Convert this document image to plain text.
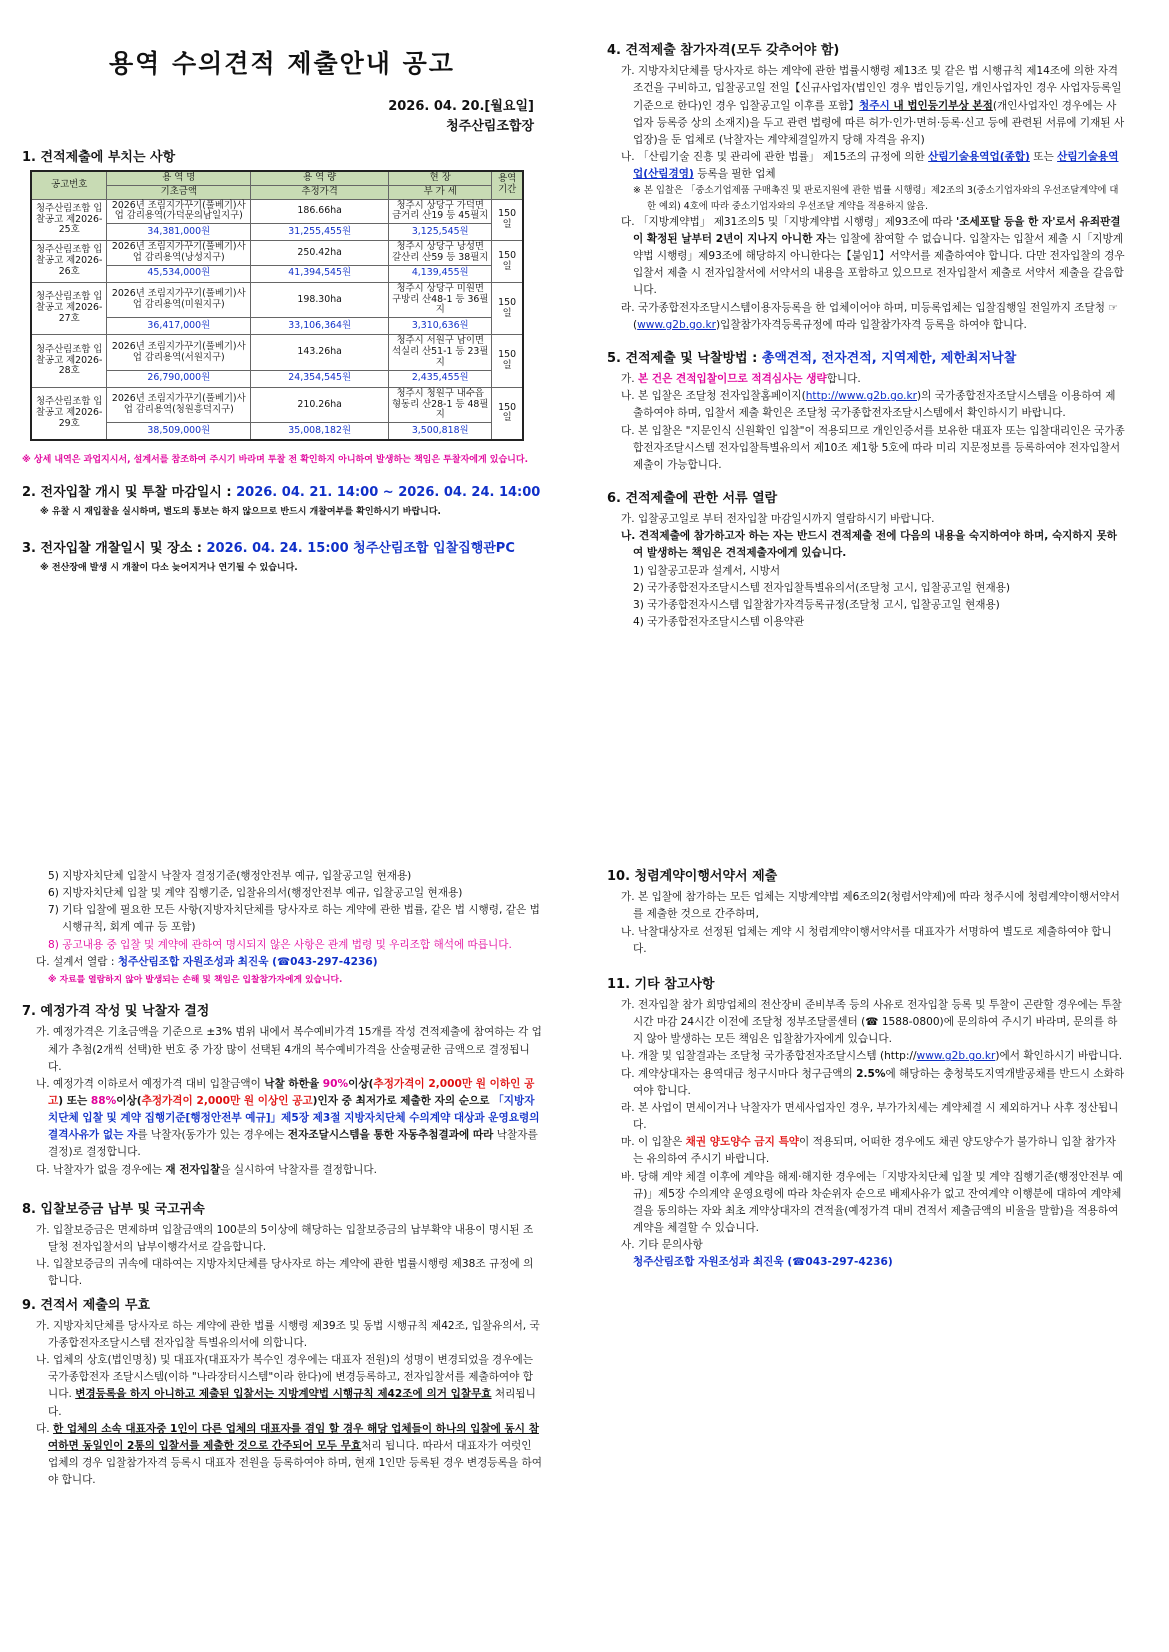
용역 수의견적 제출안내 공고
2026. 04. 20.[월요일]
청주산림조합장
1. 견적제출에 부치는 사항
공고번호	용 역 명	용 역 량	현 장	용역기간
	기초금액	추정가격	부 가 세	
청주산림조합 입찰공고 제2026-25호	2026년 조림지가꾸기(풀베기)사업 감리용역(가덕문의남일지구)	186.66ha	청주시 상당구 가덕면 금거리 산19 등 45필지	150일
	34,381,000원	31,255,455원	3,125,545원	
청주산림조합 입찰공고 제2026-26호	2026년 조림지가꾸기(풀베기)사업 감리용역(낭성지구)	250.42ha	청주시 상당구 낭성면 갈산리 산59 등 38필지	150일
	45,534,000원	41,394,545원	4,139,455원	
청주산림조합 입찰공고 제2026-27호	2026년 조림지가꾸기(풀베기)사업 감리용역(미원지구)	198.30ha	청주시 상당구 미원면 구방리 산48-1 등 36필지	150일
	36,417,000원	33,106,364원	3,310,636원	
청주산림조합 입찰공고 제2026-28호	2026년 조림지가꾸기(풀베기)사업 감리용역(서원지구)	143.26ha	청주시 서원구 남이면 석실리 산51-1 등 23필지	150일
	26,790,000원	24,354,545원	2,435,455원	
청주산림조합 입찰공고 제2026-29호	2026년 조림지가꾸기(풀베기)사업 감리용역(청원흥덕지구)	210.26ha	청주시 청원구 내수읍 형동리 산28-1 등 48필지	150일
	38,509,000원	35,008,182원	3,500,818원	

※ 상세 내역은 과업지시서, 설계서를 참조하여 주시기 바라며 투찰 전 확인하지 아니하여 발생하는 책임은 투찰자에게 있습니다.

2. 전자입찰 개시 및 투찰 마감일시 : 2026. 04. 21. 14:00 ~ 2026. 04. 24. 14:00

※ 유찰 시 재입찰을 실시하며, 별도의 통보는 하지 않으므로 반드시 개찰여부를 확인하시기 바랍니다.

3. 전자입찰 개찰일시 및 장소 : 2026. 04. 24. 15:00 청주산림조합 입찰집행관PC

※ 전산장애 발생 시 개찰이 다소 늦어지거나 연기될 수 있습니다.

4. 견적제출 참가자격(모두 갖추어야 함)

가. 지방자치단체를 당사자로 하는 계약에 관한 법률시행령 제13조 및 같은 법 시행규칙 제14조에 의한 자격조건을 구비하고, 입찰공고일 전일【신규사업자(법인인 경우 법인등기일, 개인사업자인 경우 사업자등록일 기준으로 한다)인 경우 입찰공고일 이후를 포함】청주시 내 법인등기부상 본점(개인사업자인 경우에는 사업자 등록증 상의 소재지)을 두고 관련 법령에 따른 허가·인가·면허·등록·신고 등에 관련된 서류에 기재된 사업장)을 둔 업체로 (낙찰자는 계약체결일까지 당해 자격을 유지)

나. 「산림기술 진흥 및 관리에 관한 법률」 제15조의 규정에 의한 산림기술용역업(종합) 또는 산림기술용역업(산림경영) 등록을 필한 업체

※ 본 입찰은 「중소기업제품 구매촉진 및 판로지원에 관한 법률 시행령」제2조의 3(중소기업자와의 우선조달계약에 대한 예외) 4호에 따라 중소기업자와의 우선조달 계약을 적용하지 않음.

다. 「지방계약법」 제31조의5 및「지방계약법 시행령」제93조에 따라 '조세포탈 등을 한 자'로서 유죄판결이 확정된 날부터 2년이 지나지 아니한 자는 입찰에 참여할 수 없습니다. 입찰자는 입찰서 제출 시「지방계약법 시행령」제93조에 해당하지 아니한다는【붙임1】서약서를 제출하여야 합니다. 다만 전자입찰의 경우 입찰서 제출 시 전자입찰서에 서약서의 내용을 포함하고 있으므로 전자입찰서 제출로 서약서 제출을 갈음합니다.

라. 국가종합전자조달시스템이용자등록을 한 업체이어야 하며, 미등록업체는 입찰집행일 전일까지 조달청 ☞ (www.g2b.go.kr)입찰참가자격등록규정에 따라 입찰참가자격 등록을 하여야 합니다.

5. 견적제출 및 낙찰방법 : 총액견적, 전자견적, 지역제한, 제한최저낙찰

가. 본 건은 견적입찰이므로 적격심사는 생략합니다.

나. 본 입찰은 조달청 전자입찰홈페이지(http://www.g2b.go.kr)의 국가종합전자조달시스템을 이용하여 제출하여야 하며, 입찰서 제출 확인은 조달청 국가종합전자조달시스템에서 확인하시기 바랍니다.

다. 본 입찰은 "지문인식 신원확인 입찰"이 적용되므로 개인인증서를 보유한 대표자 또는 입찰대리인은 국가종합전자조달시스템 전자입찰특별유의서 제10조 제1항 5호에 따라 미리 지문정보를 등록하여야 전자입찰서 제출이 가능합니다.

6. 견적제출에 관한 서류 열람

가. 입찰공고일로 부터 전자입찰 마감일시까지 열람하시기 바랍니다.

나. 견적제출에 참가하고자 하는 자는 반드시 견적제출 전에 다음의 내용을 숙지하여야 하며, 숙지하지 못하여 발생하는 책임은 견적제출자에게 있습니다.

1) 입찰공고문과 설계서, 시방서

2) 국가종합전자조달시스템 전자입찰특별유의서(조달청 고시, 입찰공고일 현재용)

3) 국가종합전자시스템 입찰참가자격등록규정(조달청 고시, 입찰공고일 현재용)

4) 국가종합전자조달시스템 이용약관

5) 지방자치단체 입찰시 낙찰자 결정기준(행정안전부 예규, 입찰공고일 현재용)

6) 지방자치단체 입찰 및 계약 집행기준, 입찰유의서(행정안전부 예규, 입찰공고일 현재용)

7) 기타 입찰에 필요한 모든 사항(지방자치단체를 당사자로 하는 계약에 관한 법률, 같은 법 시행령, 같은 법 시행규칙, 회계 예규 등 포함)

8) 공고내용 중 입찰 및 계약에 관하여 명시되지 않은 사항은 관계 법령 및 우리조합 해석에 따릅니다.

다. 설계서 열람 : 청주산림조합 자원조성과 최진욱 (☎043-297-4236)

※ 자료를 열람하지 않아 발생되는 손해 및 책임은 입찰참가자에게 있습니다.

7. 예정가격 작성 및 낙찰자 결정

가. 예정가격은 기초금액을 기준으로 ±3% 범위 내에서 복수예비가격 15개를 작성 견적제출에 참여하는 각 업체가 추첨(2개씩 선택)한 번호 중 가장 많이 선택된 4개의 복수예비가격을 산술평균한 금액으로 결정됩니다.

나. 예정가격 이하로서 예정가격 대비 입찰금액이 낙찰 하한율 90%이상(추정가격이 2,000만 원 이하인 공고) 또는 88%이상(추정가격이 2,000만 원 이상인 공고)인자 중 최저가로 제출한 자의 순으로 「지방자치단체 입찰 및 계약 집행기준[행정안전부 예규]」제5장 제3절 지방자치단체 수의계약 대상과 운영요령의 결격사유가 없는 자를 낙찰자(동가가 있는 경우에는 전자조달시스템을 통한 자동추첨결과에 따라 낙찰자를 결정)로 결정합니다.

다. 낙찰자가 없을 경우에는 재 전자입찰을 실시하여 낙찰자를 결정합니다.

8. 입찰보증금 납부 및 국고귀속

가. 입찰보증금은 면제하며 입찰금액의 100분의 5이상에 해당하는 입찰보증금의 납부확약 내용이 명시된 조달청 전자입찰서의 납부이행각서로 갈음합니다.

나. 입찰보증금의 귀속에 대하여는 지방자치단체를 당사자로 하는 계약에 관한 법률시행령 제38조 규정에 의합니다.

9. 견적서 제출의 무효

가. 지방자치단체를 당사자로 하는 계약에 관한 법률 시행령 제39조 및 동법 시행규칙 제42조, 입찰유의서, 국가종합전자조달시스템 전자입찰 특별유의서에 의합니다.

나. 업체의 상호(법인명칭) 및 대표자(대표자가 복수인 경우에는 대표자 전원)의 성명이 변경되었을 경우에는 국가종합전자 조달시스템(이하 "나라장터시스템"이라 한다)에 변경등록하고, 전자입찰서를 제출하여야 합니다. 변경등록을 하지 아니하고 제출된 입찰서는 지방계약법 시행규칙 제42조에 의거 입찰무효 처리됩니다.

다. 한 업체의 소속 대표자중 1인이 다른 업체의 대표자를 겸임 할 경우 해당 업체들이 하나의 입찰에 동시 참여하면 동일인이 2통의 입찰서를 제출한 것으로 간주되어 모두 무효처리 됩니다. 따라서 대표자가 여럿인 업체의 경우 입찰참가자격 등록시 대표자 전원을 등록하여야 하며, 현재 1인만 등록된 경우 변경등록을 하여야 합니다.

10. 청렴계약이행서약서 제출

가. 본 입찰에 참가하는 모든 업체는 지방계약법 제6조의2(청렴서약제)에 따라 청주시에 청렴계약이행서약서를 제출한 것으로 간주하며,

나. 낙찰대상자로 선정된 업체는 계약 시 청렴계약이행서약서를 대표자가 서명하여 별도로 제출하여야 합니다.

11. 기타 참고사항

가. 전자입찰 참가 희망업체의 전산장비 준비부족 등의 사유로 전자입찰 등록 및 투찰이 곤란할 경우에는 투찰시간 마감 24시간 이전에 조달청 정부조달콜센터 (☎ 1588-0800)에 문의하여 주시기 바라며, 문의를 하지 않아 발생하는 모든 책임은 입찰참가자에게 있습니다.

나. 개찰 및 입찰결과는 조달청 국가종합전자조달시스템 (http://www.g2b.go.kr)에서 확인하시기 바랍니다.

다. 계약상대자는 용역대금 청구시마다 청구금액의 2.5%에 해당하는 충청북도지역개발공채를 반드시 소화하여야 합니다.

라. 본 사업이 면세이거나 낙찰자가 면세사업자인 경우, 부가가치세는 계약체결 시 제외하거나 사후 정산됩니다.

마. 이 입찰은 채권 양도양수 금지 특약이 적용되며, 어떠한 경우에도 채권 양도양수가 불가하니 입찰 참가자는 유의하여 주시기 바랍니다.

바. 당해 계약 체결 이후에 계약을 해제·해지한 경우에는「지방자치단체 입찰 및 계약 집행기준(행정안전부 예규)」제5장 수의계약 운영요령에 따라 차순위자 순으로 배제사유가 없고 잔여계약 이행분에 대하여 계약체결을 동의하는 자와 최초 계약상대자의 견적율(예정가격 대비 견적서 제출금액의 비율을 말함)을 적용하여 계약을 체결할 수 있습니다.

사. 기타 문의사항

청주산림조합 자원조성과 최진욱 (☎043-297-4236)
